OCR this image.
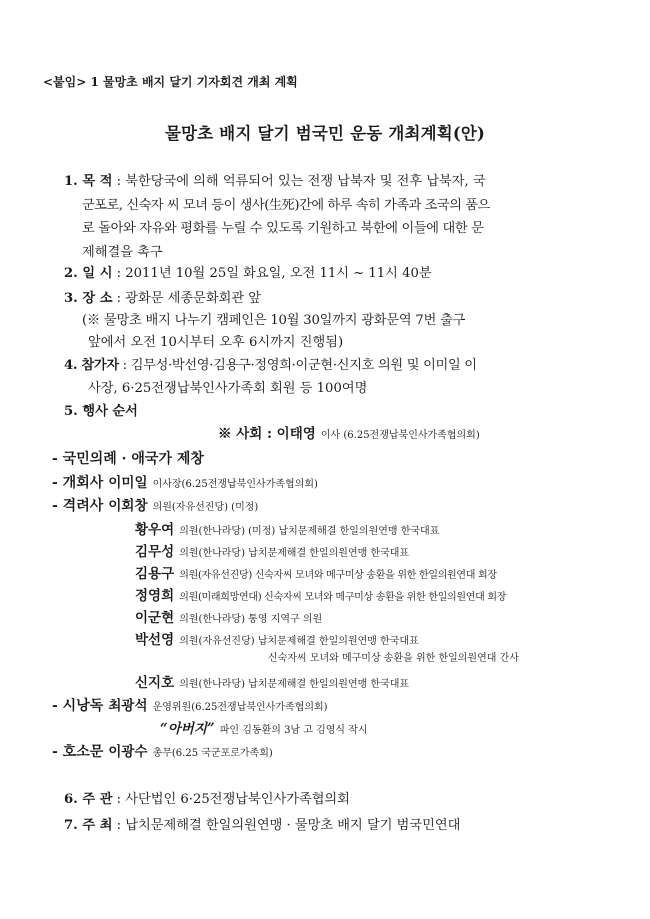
<붙임> 1 물망초 배지 달기 기자회견 개최 계획
물망초 배지 달기 범국민 운동 개최계획(안)
1. 목 적 : 북한당국에 의해 억류되어 있는 전쟁 납북자 및 전후 납북자, 국
군포로, 신숙자 씨 모녀 등이 생사(生死)간에 하루 속히 가족과 조국의 품으
로 돌아와 자유와 평화를 누릴 수 있도록 기원하고 북한에 이들에 대한 문
제해결을 촉구
2. 일 시 : 2011년 10월 25일 화요일, 오전 11시 ~ 11시 40분
3. 장 소 : 광화문 세종문화회관 앞
(※ 물망초 배지 나누기 캠페인은 10월 30일까지 광화문역 7번 출구
앞에서 오전 10시부터 오후 6시까지 진행됨)
4. 참가자 : 김무성·박선영·김용구·정영희·이군현·신지호 의원 및 이미일 이
사장, 6·25전쟁납북인사가족회 회원 등 100여명
5. 행사 순서
※ 사회 : 이태영 이사 (6.25전쟁납북인사가족협의회)
- 국민의례 · 애국가 제창
- 개회사 이미일 이사장(6.25전쟁납북인사가족협의회)
- 격려사 이회창 의원(자유선진당) (미정)
황우여 의원(한나라당) (미정) 납치문제해결 한일의원연맹 한국대표
김무성 의원(한나라당) 납치문제해결 한일의원연맹 한국대표
김용구 의원(자유선진당) 신숙자씨 모녀와 메구미상 송환을 위한 한일의원연대 회장
정영희 의원(미래희망연대) 신숙자씨 모녀와 메구미상 송환을 위한 한일의원연대 회장
이군현 의원(한나라당) 통영 지역구 의원
박선영 의원(자유선진당) 납치문제해결 한일의원연맹 한국대표
신숙자씨 모녀와 메구미상 송환을 위한 한일의원연대 간사
신지호 의원(한나라당) 납치문제해결 한일의원연맹 한국대표
- 시낭독 최광석 운영위원(6.25전쟁납북인사가족협의회)
“아버지” 파인 김동환의 3남 고 김영식 작시
- 호소문 이광수 총무(6.25 국군포로가족회)
6. 주 관 : 사단법인 6·25전쟁납북인사가족협의회
7. 주 최 : 납치문제해결 한일의원연맹 · 물망초 배지 달기 범국민연대
